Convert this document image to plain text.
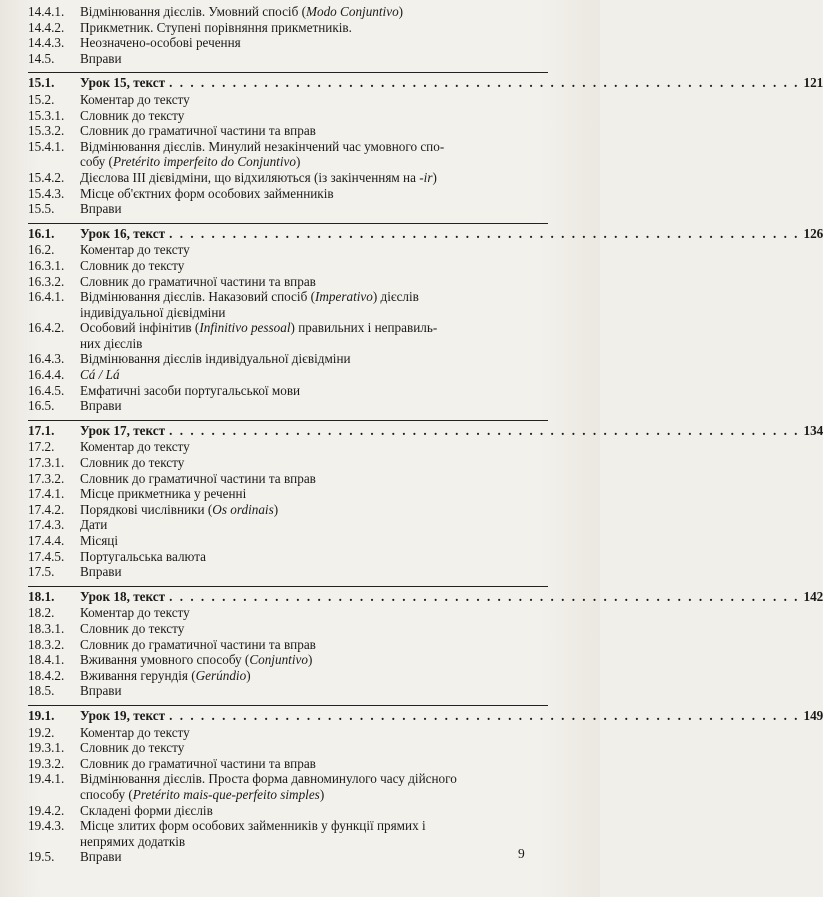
14.4.1.	Відмінювання дієслів. Умовний спосіб (Modo Conjuntivo)
14.4.2.	Прикметник. Ступені порівняння прикметників.
14.4.3.	Неозначено-особові речення
14.5.	Вправи
15.1.	Урок 15, текст . . . . . . . . . . . . . . . . . . . . . . . . . . . . . . . . . . . . . . . . . . . . . . . . . . . . . . . . . . . . 121
15.2.	Коментар до тексту
15.3.1.	Словник до тексту
15.3.2.	Словник до граматичної частини та вправ
15.4.1.	Відмінювання дієслів. Минулий незакінчений час умовного спо-
собу (Pretérito imperfeito do Conjuntivo)
15.4.2.	Дієслова III дієвідміни, що відхиляються (із закінченням на -ir)
15.4.3.	Місце об'єктних форм особових займенників
15.5.	Вправи
16.1.	Урок 16, текст . . . . . . . . . . . . . . . . . . . . . . . . . . . . . . . . . . . . . . . . . . . . . . . . . . . . . . . . . . . . 126
16.2.	Коментар до тексту
16.3.1.	Словник до тексту
16.3.2.	Словник до граматичної частини та вправ
16.4.1.	Відмінювання дієслів. Наказовий спосіб (Imperativo) дієслів
індивідуальної дієвідміни
16.4.2.	Особовий інфінітив (Infinitivo pessoal) правильних і неправиль-
них дієслів
16.4.3.	Відмінювання дієслів індивідуальної дієвідміни
16.4.4.	Cá / Lá
16.4.5.	Емфатичні засоби португальської мови
16.5.	Вправи
17.1.	Урок 17, текст . . . . . . . . . . . . . . . . . . . . . . . . . . . . . . . . . . . . . . . . . . . . . . . . . . . . . . . . . . . . 134
17.2.	Коментар до тексту
17.3.1.	Словник до тексту
17.3.2.	Словник до граматичної частини та вправ
17.4.1.	Місце прикметника у реченні
17.4.2.	Порядкові числівники (Os ordinais)
17.4.3.	Дати
17.4.4.	Місяці
17.4.5.	Португальська валюта
17.5.	Вправи
18.1.	Урок 18, текст . . . . . . . . . . . . . . . . . . . . . . . . . . . . . . . . . . . . . . . . . . . . . . . . . . . . . . . . . . . . 142
18.2.	Коментар до тексту
18.3.1.	Словник до тексту
18.3.2.	Словник до граматичної частини та вправ
18.4.1.	Вживання умовного способу (Conjuntivo)
18.4.2.	Вживання герундія (Gerúndio)
18.5.	Вправи
19.1.	Урок 19, текст . . . . . . . . . . . . . . . . . . . . . . . . . . . . . . . . . . . . . . . . . . . . . . . . . . . . . . . . . . . . 149
19.2.	Коментар до тексту
19.3.1.	Словник до тексту
19.3.2.	Словник до граматичної частини та вправ
19.4.1.	Відмінювання дієслів. Проста форма давноминулого часу дійсного
способу (Pretérito mais-que-perfeito simples)
19.4.2.	Складені форми дієслів
19.4.3.	Місце злитих форм особових займенників у функції прямих і
непрямих додатків
19.5.	Вправи	9
